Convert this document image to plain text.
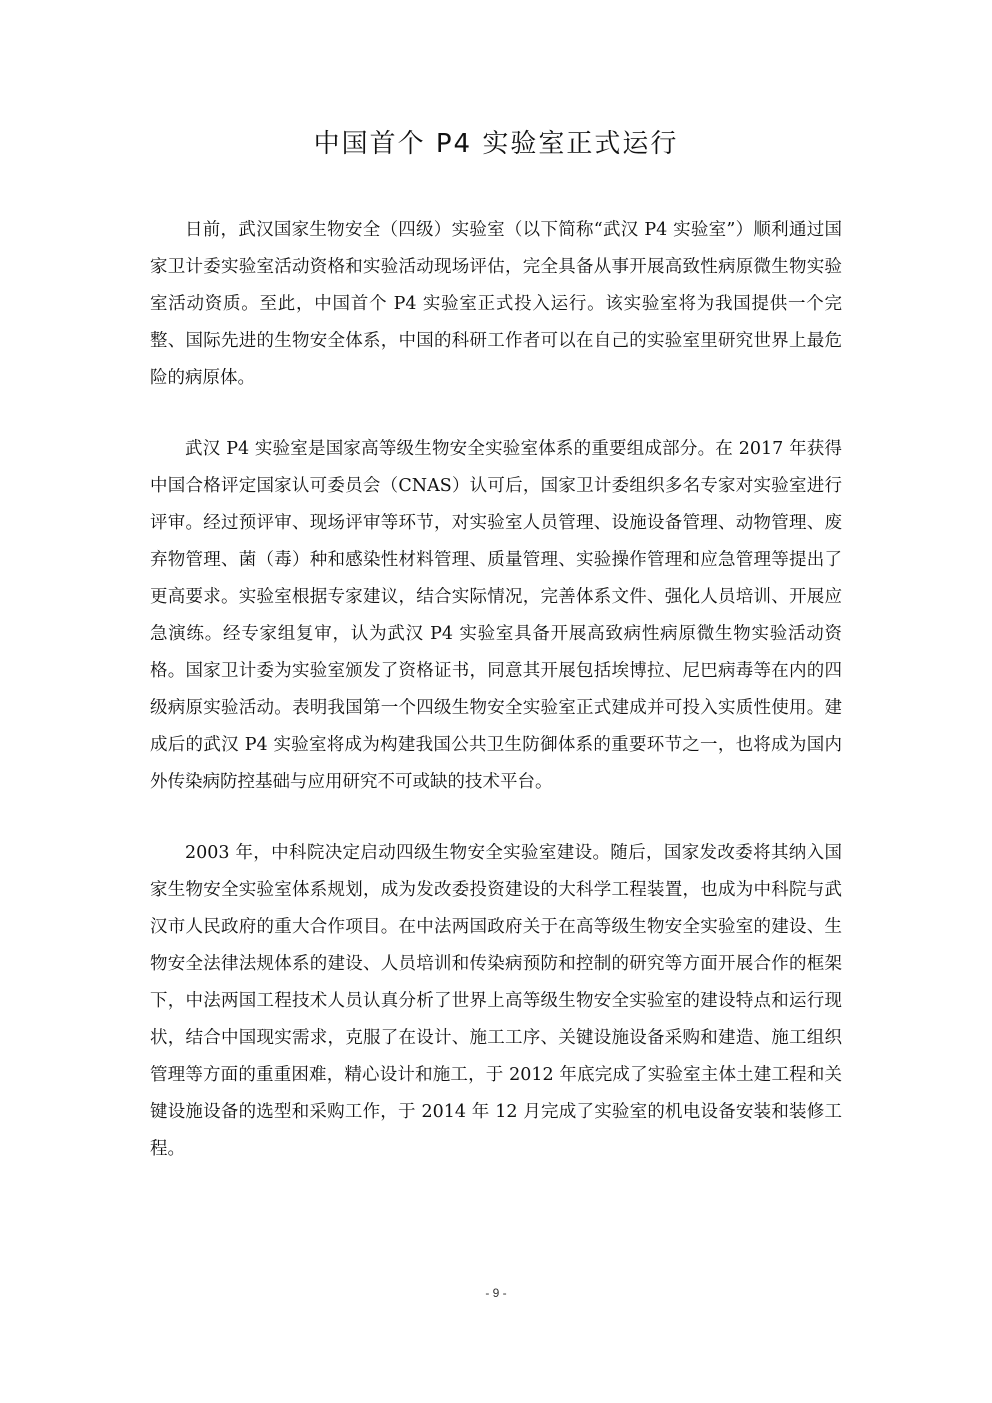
中国首个 P4 实验室正式运行

日前，武汉国家生物安全（四级）实验室（以下简称“武汉 P4 实验室”）顺利通过国家卫计委实验室活动资格和实验活动现场评估，完全具备从事开展高致性病原微生物实验室活动资质。至此，中国首个 P4 实验室正式投入运行。该实验室将为我国提供一个完整、国际先进的生物安全体系，中国的科研工作者可以在自己的实验室里研究世界上最危险的病原体。

武汉 P4 实验室是国家高等级生物安全实验室体系的重要组成部分。在 2017 年获得中国合格评定国家认可委员会（CNAS）认可后，国家卫计委组织多名专家对实验室进行评审。经过预评审、现场评审等环节，对实验室人员管理、设施设备管理、动物管理、废弃物管理、菌（毒）种和感染性材料管理、质量管理、实验操作管理和应急管理等提出了更高要求。实验室根据专家建议，结合实际情况，完善体系文件、强化人员培训、开展应急演练。经专家组复审，认为武汉 P4 实验室具备开展高致病性病原微生物实验活动资格。国家卫计委为实验室颁发了资格证书，同意其开展包括埃博拉、尼巴病毒等在内的四级病原实验活动。表明我国第一个四级生物安全实验室正式建成并可投入实质性使用。建成后的武汉 P4 实验室将成为构建我国公共卫生防御体系的重要环节之一，也将成为国内外传染病防控基础与应用研究不可或缺的技术平台。

2003 年，中科院决定启动四级生物安全实验室建设。随后，国家发改委将其纳入国家生物安全实验室体系规划，成为发改委投资建设的大科学工程装置，也成为中科院与武汉市人民政府的重大合作项目。在中法两国政府关于在高等级生物安全实验室的建设、生物安全法律法规体系的建设、人员培训和传染病预防和控制的研究等方面开展合作的框架下，中法两国工程技术人员认真分析了世界上高等级生物安全实验室的建设特点和运行现状，结合中国现实需求，克服了在设计、施工工序、关键设施设备采购和建造、施工组织管理等方面的重重困难，精心设计和施工，于 2012 年底完成了实验室主体土建工程和关键设施设备的选型和采购工作，于 2014 年 12 月完成了实验室的机电设备安装和装修工程。

- 9 -
